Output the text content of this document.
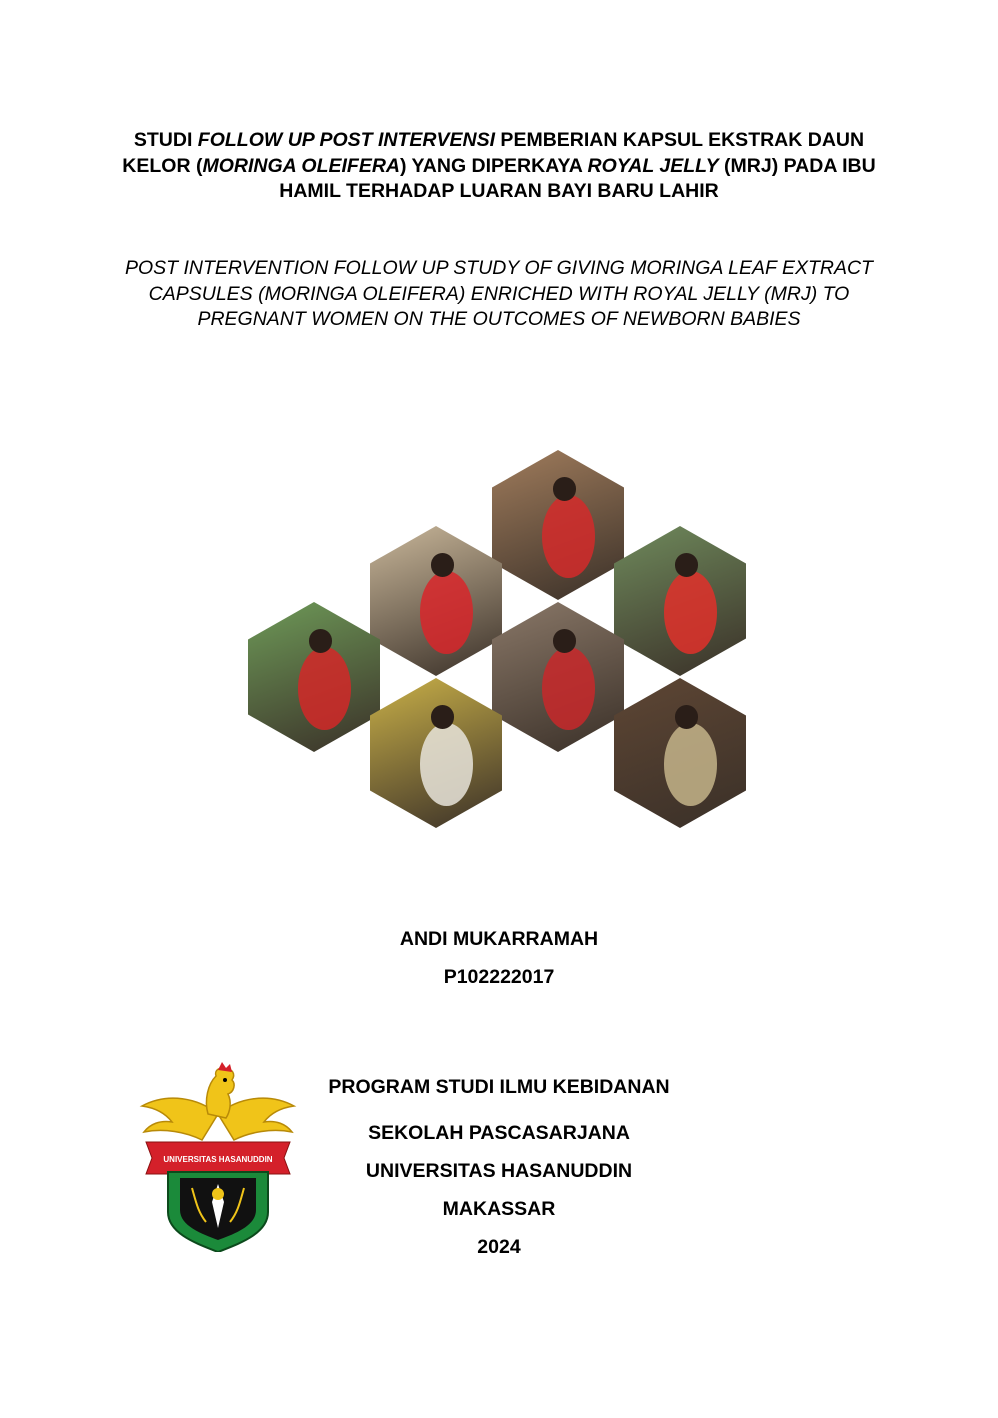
STUDI FOLLOW UP POST INTERVENSI PEMBERIAN KAPSUL EKSTRAK DAUN KELOR (MORINGA OLEIFERA) YANG DIPERKAYA ROYAL JELLY (MRJ) PADA IBU HAMIL TERHADAP LUARAN BAYI BARU LAHIR

POST INTERVENTION FOLLOW UP STUDY OF GIVING MORINGA LEAF EXTRACT CAPSULES (MORINGA OLEIFERA) ENRICHED WITH ROYAL JELLY (MRJ) TO PREGNANT WOMEN ON THE OUTCOMES OF NEWBORN BABIES

ANDI MUKARRAMAH

P102222017

UNIVERSITAS HASANUDDIN

PROGRAM STUDI ILMU KEBIDANAN

SEKOLAH PASCASARJANA

UNIVERSITAS HASANUDDIN

MAKASSAR

2024
